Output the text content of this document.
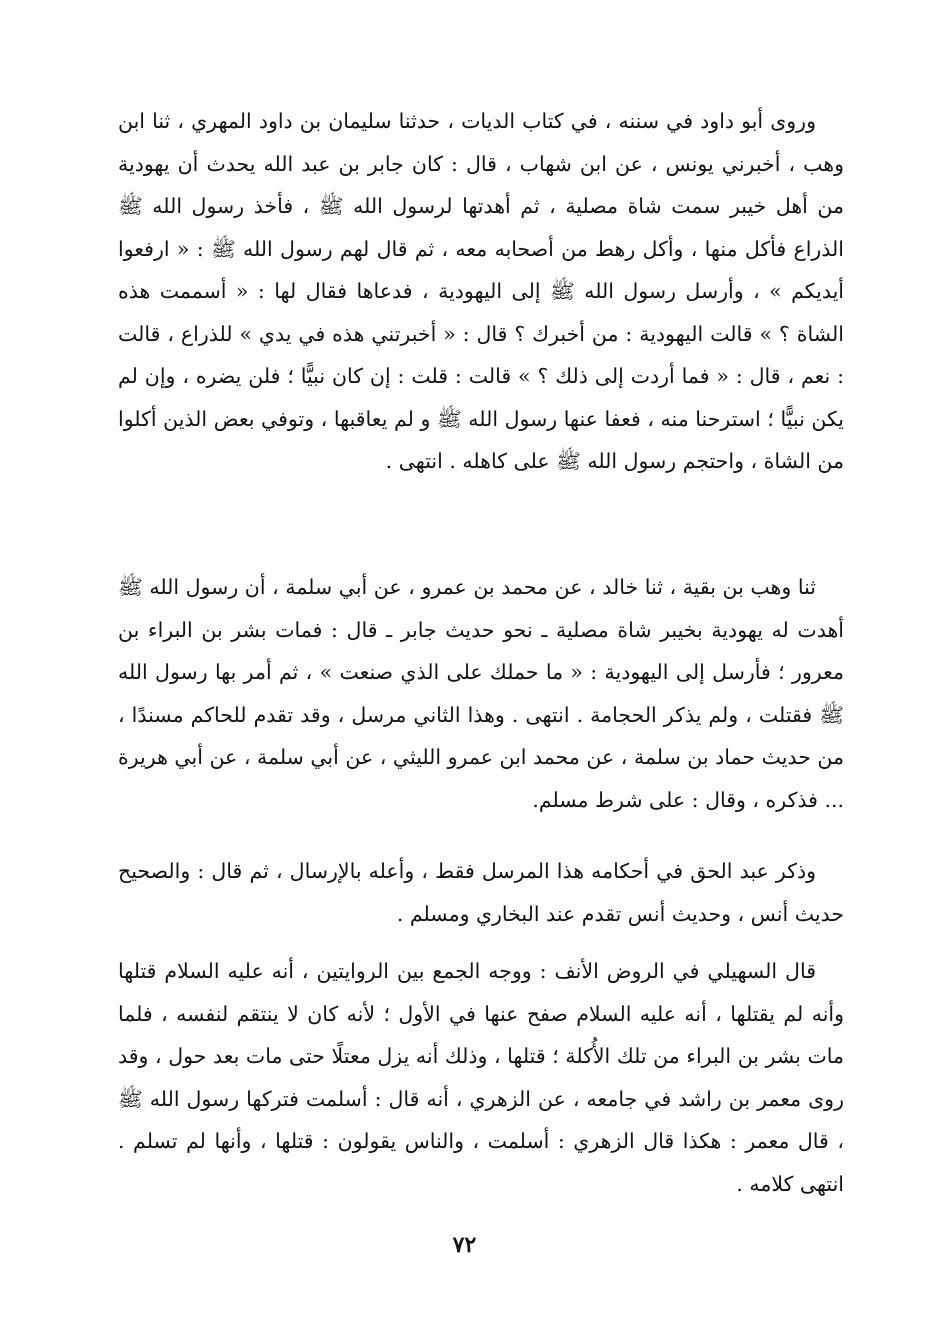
وروى أبو داود في سننه ، في كتاب الديات ، حدثنا سليمان بن داود المهري ، ثنا ابن وهب ، أخبرني يونس ، عن ابن شهاب ، قال : كان جابر بن عبد الله يحدث أن يهودية من أهل خيبر سمت شاة مصلية ، ثم أهدتها لرسول الله ﷺ ، فأخذ رسول الله ﷺ الذراع فأكل منها ، وأكل رهط من أصحابه معه ، ثم قال لهم رسول الله ﷺ : « ارفعوا أيديكم » ، وأرسل رسول الله ﷺ إلى اليهودية ، فدعاها فقال لها : « أسممت هذه الشاة ؟ » قالت اليهودية : من أخبرك ؟ قال : « أخبرتني هذه في يدي » للذراع ، قالت : نعم ، قال : « فما أردت إلى ذلك ؟ » قالت : قلت : إن كان نبيًّا ؛ فلن يضره ، وإن لم يكن نبيًّا ؛ استرحنا منه ، فعفا عنها رسول الله ﷺ و لم يعاقبها ، وتوفي بعض الذين أكلوا من الشاة ، واحتجم رسول الله ﷺ على كاهله . انتهى .

ثنا وهب بن بقية ، ثنا خالد ، عن محمد بن عمرو ، عن أبي سلمة ، أن رسول الله ﷺ أهدت له يهودية بخيبر شاة مصلية ـ نحو حديث جابر ـ قال : فمات بشر بن البراء بن معرور ؛ فأرسل إلى اليهودية : « ما حملك على الذي صنعت » ، ثم أمر بها رسول الله ﷺ فقتلت ، ولم يذكر الحجامة . انتهى . وهذا الثاني مرسل ، وقد تقدم للحاكم مسندًا ، من حديث حماد بن سلمة ، عن محمد ابن عمرو الليثي ، عن أبي سلمة ، عن أبي هريرة ... فذكره ، وقال : على شرط مسلم.

وذكر عبد الحق في أحكامه هذا المرسل فقط ، وأعله بالإرسال ، ثم قال : والصحيح حديث أنس ، وحديث أنس تقدم عند البخاري ومسلم .

قال السهيلي في الروض الأنف : ووجه الجمع بين الروايتين ، أنه عليه السلام قتلها وأنه لم يقتلها ، أنه عليه السلام صفح عنها في الأول ؛ لأنه كان لا ينتقم لنفسه ، فلما مات بشر بن البراء من تلك الأُكلة ؛ قتلها ، وذلك أنه يزل معتلًا حتى مات بعد حول ، وقد روى معمر بن راشد في جامعه ، عن الزهري ، أنه قال : أسلمت فتركها رسول الله ﷺ ، قال معمر : هكذا قال الزهري : أسلمت ، والناس يقولون : قتلها ، وأنها لم تسلم . انتهى كلامه .

٧٢
